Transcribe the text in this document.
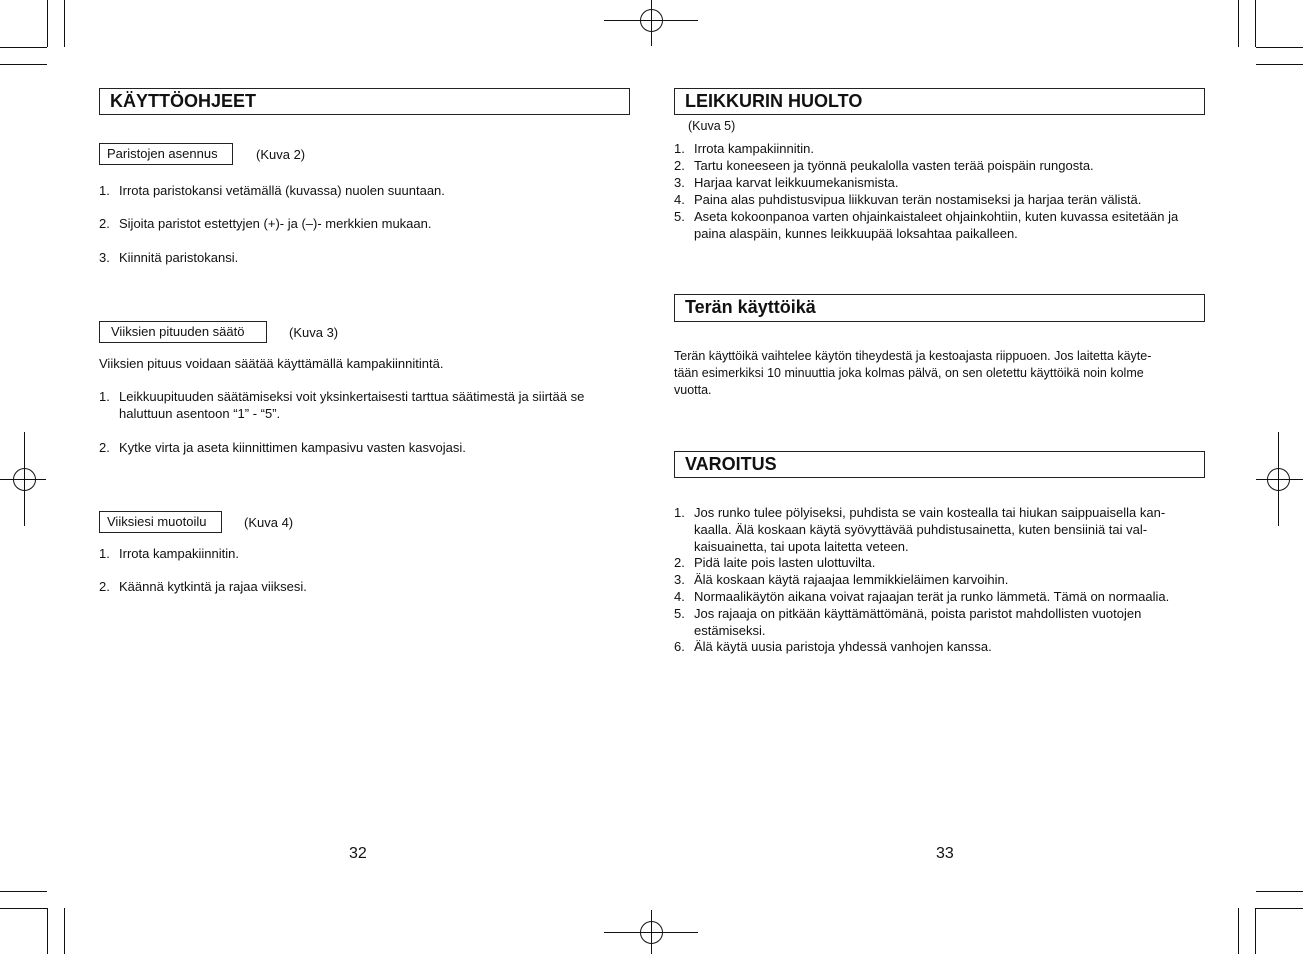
KÄYTTÖOHJEET
Paristojen asennus	(Kuva 2)
1. Irrota paristokansi vetämällä (kuvassa) nuolen suuntaan.
2. Sijoita paristot estettyjen (+)- ja (–)- merkkien mukaan.
3. Kiinnitä paristokansi.
Viiksien pituuden säätö	(Kuva 3)
Viiksien pituus voidaan säätää käyttämällä kampakiinnitintä.
1. Leikkuupituuden säätämiseksi voit yksinkertaisesti tarttua säätimestä ja siirtää se
haluttuun asentoon “1” - “5”.
2. Kytke virta ja aseta kiinnittimen kampasivu vasten kasvojasi.
Viiksiesi muotoilu	(Kuva 4)
1. Irrota kampakiinnitin.
2. Käännä kytkintä ja rajaa viiksesi.
32
LEIKKURIN HUOLTO
(Kuva 5)
1. Irrota kampakiinnitin.
2. Tartu koneeseen ja työnnä peukalolla vasten terää poispäin rungosta.
3. Harjaa karvat leikkuumekanismista.
4. Paina alas puhdistusvipua liikkuvan terän nostamiseksi ja harjaa terän välistä.
5. Aseta kokoonpanoa varten ohjainkaistaleet ohjainkohtiin, kuten kuvassa esitetään ja
paina alaspäin, kunnes leikkuupää loksahtaa paikalleen.
Terän käyttöikä
Terän käyttöikä vaihtelee käytön tiheydestä ja kestoajasta riippuoen. Jos laitetta käyte-
tään esimerkiksi 10 minuuttia joka kolmas pälvä, on sen oletettu käyttöikä noin kolme
vuotta.
VAROITUS
1. Jos runko tulee pölyiseksi, puhdista se vain kostealla tai hiukan saippuaisella kan-
kaalla. Älä koskaan käytä syövyttävää puhdistusainetta, kuten bensiiniä tai val-
kaisuainetta, tai upota laitetta veteen.
2. Pidä laite pois lasten ulottuvilta.
3. Älä koskaan käytä rajaajaa lemmikkieläimen karvoihin.
4. Normaalikäytön aikana voivat rajaajan terät ja runko lämmetä. Tämä on normaalia.
5. Jos rajaaja on pitkään käyttämättömänä, poista paristot mahdollisten vuotojen
estämiseksi.
6. Älä käytä uusia paristoja yhdessä vanhojen kanssa.
33
